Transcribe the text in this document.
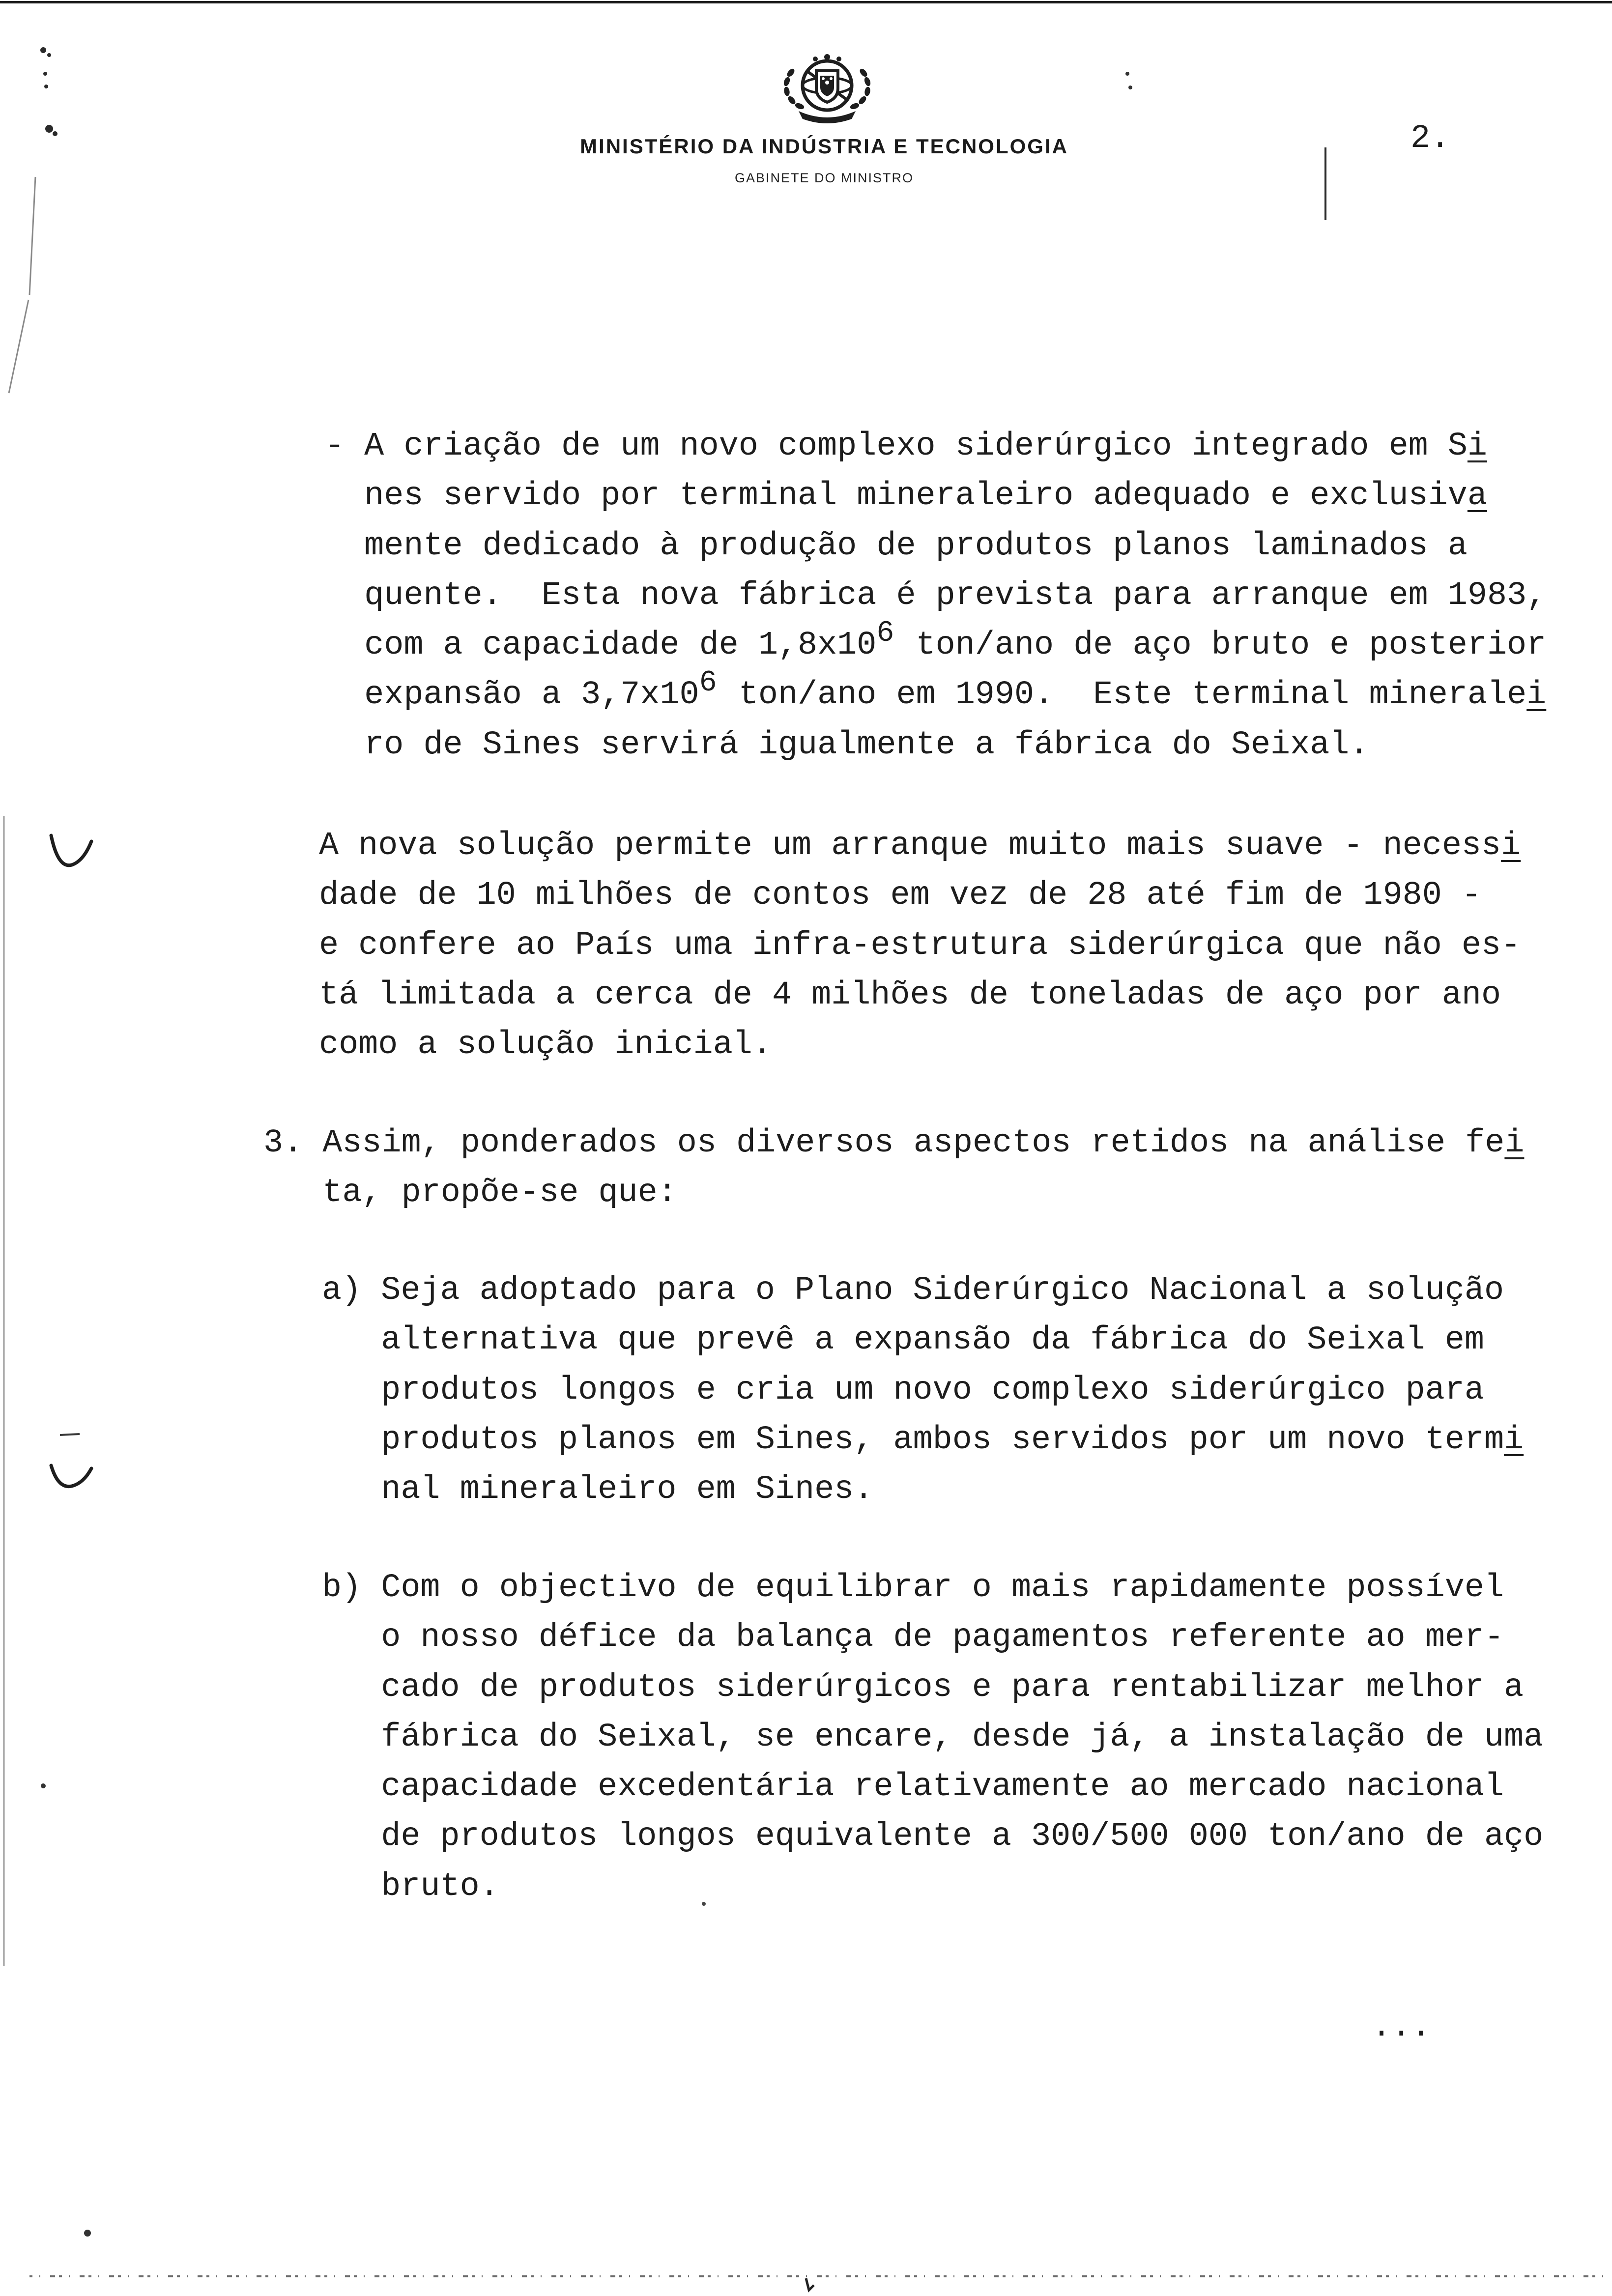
MINISTÉRIO DA INDÚSTRIA E TECNOLOGIA
GABINETE DO MINISTRO
2.
- A criação de um novo complexo siderúrgico integrado em Si
nes servido por terminal mineraleiro adequado e exclusiva
mente dedicado à produção de produtos planos laminados a
quente.  Esta nova fábrica é prevista para arranque em 1983,
com a capacidade de 1,8x106 ton/ano de aço bruto e posterior
expansão a 3,7x106 ton/ano em 1990.  Este terminal mineralei
ro de Sines servirá igualmente a fábrica do Seixal.
A nova solução permite um arranque muito mais suave - necessi
dade de 10 milhões de contos em vez de 28 até fim de 1980 -
e confere ao País uma infra-estrutura siderúrgica que não es-
tá limitada a cerca de 4 milhões de toneladas de aço por ano
como a solução inicial.
3. Assim, ponderados os diversos aspectos retidos na análise fei
ta, propõe-se que:
a) Seja adoptado para o Plano Siderúrgico Nacional a solução
alternativa que prevê a expansão da fábrica do Seixal em
produtos longos e cria um novo complexo siderúrgico para
produtos planos em Sines, ambos servidos por um novo termi
nal mineraleiro em Sines.
b) Com o objectivo de equilibrar o mais rapidamente possível
o nosso défice da balança de pagamentos referente ao mer-
cado de produtos siderúrgicos e para rentabilizar melhor a
fábrica do Seixal, se encare, desde já, a instalação de uma
capacidade excedentária relativamente ao mercado nacional
de produtos longos equivalente a 300/500 000 ton/ano de aço
bruto.
...
